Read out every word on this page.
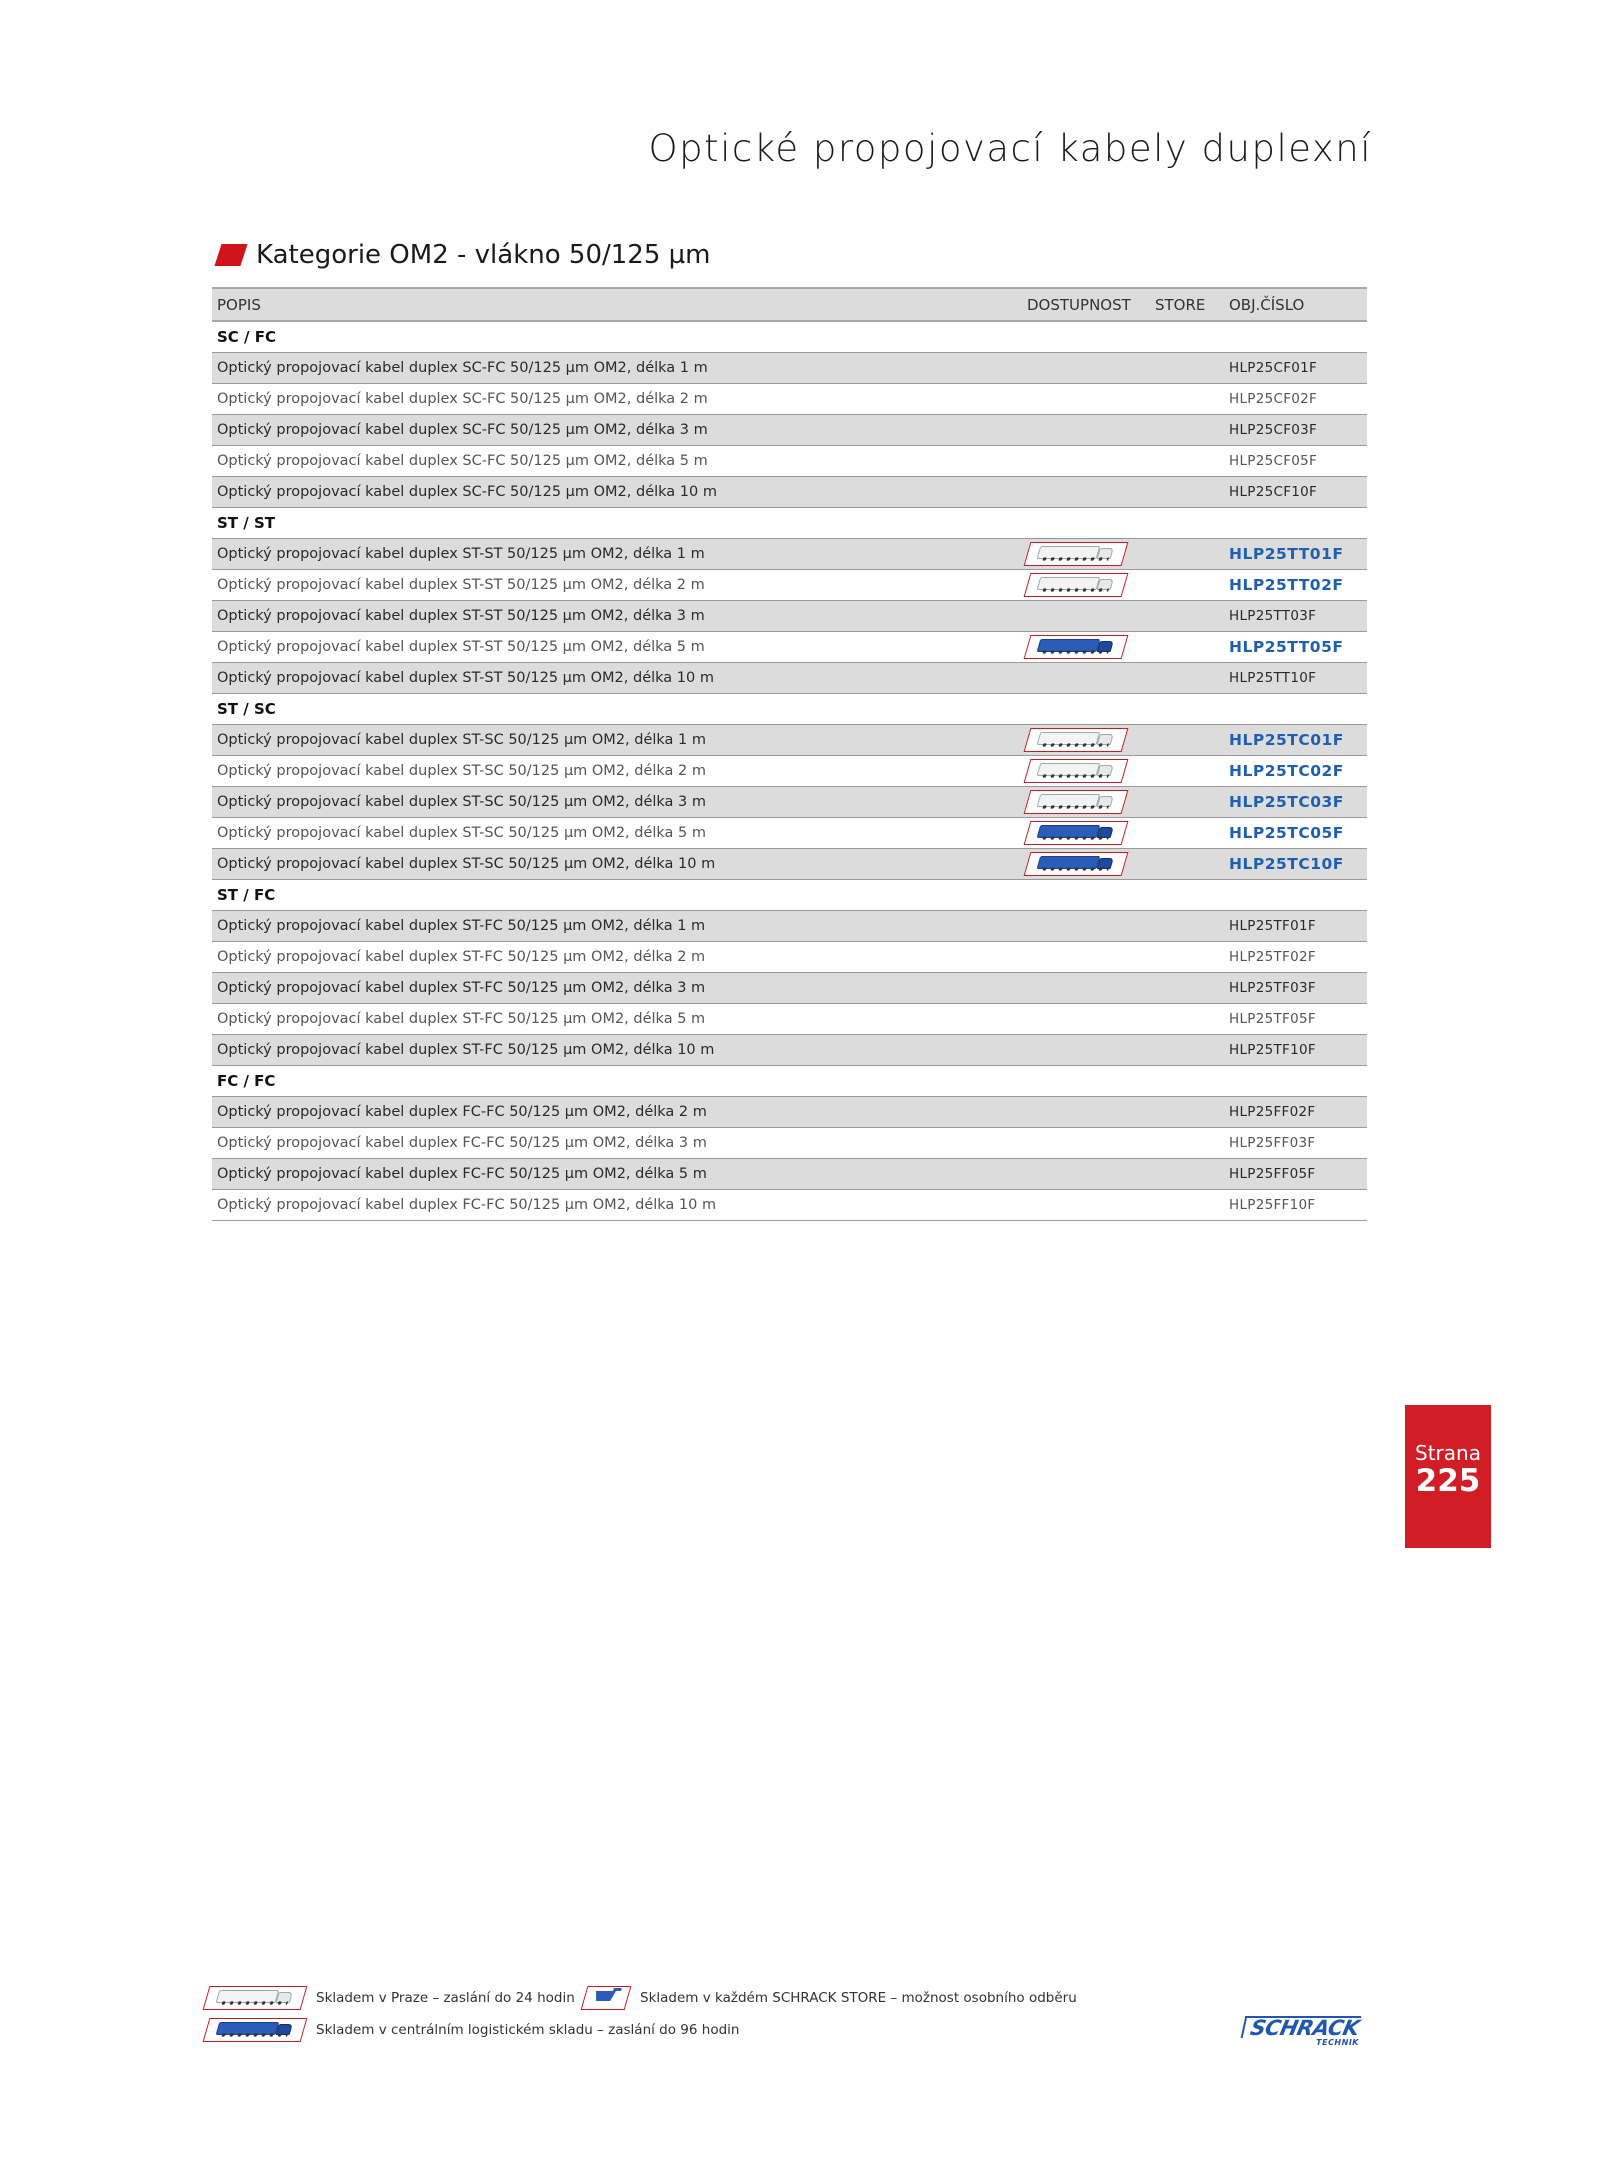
Optické propojovací kabely duplexní
Kategorie OM2 - vlákno 50/125 µm
POPIS	DOSTUPNOST	STORE	OBJ.ČÍSLO
SC / FC
Optický propojovací kabel duplex SC-FC 50/125 µm OM2, délka 1 m	HLP25CF01F
Optický propojovací kabel duplex SC-FC 50/125 µm OM2, délka 2 m	HLP25CF02F
Optický propojovací kabel duplex SC-FC 50/125 µm OM2, délka 3 m	HLP25CF03F
Optický propojovací kabel duplex SC-FC 50/125 µm OM2, délka 5 m	HLP25CF05F
Optický propojovací kabel duplex SC-FC 50/125 µm OM2, délka 10 m	HLP25CF10F
ST / ST
Optický propojovací kabel duplex ST-ST 50/125 µm OM2, délka 1 m	HLP25TT01F
Optický propojovací kabel duplex ST-ST 50/125 µm OM2, délka 2 m	HLP25TT02F
Optický propojovací kabel duplex ST-ST 50/125 µm OM2, délka 3 m	HLP25TT03F
Optický propojovací kabel duplex ST-ST 50/125 µm OM2, délka 5 m	HLP25TT05F
Optický propojovací kabel duplex ST-ST 50/125 µm OM2, délka 10 m	HLP25TT10F
ST / SC
Optický propojovací kabel duplex ST-SC 50/125 µm OM2, délka 1 m	HLP25TC01F
Optický propojovací kabel duplex ST-SC 50/125 µm OM2, délka 2 m	HLP25TC02F
Optický propojovací kabel duplex ST-SC 50/125 µm OM2, délka 3 m	HLP25TC03F
Optický propojovací kabel duplex ST-SC 50/125 µm OM2, délka 5 m	HLP25TC05F
Optický propojovací kabel duplex ST-SC 50/125 µm OM2, délka 10 m	HLP25TC10F
ST / FC
Optický propojovací kabel duplex ST-FC 50/125 µm OM2, délka 1 m	HLP25TF01F
Optický propojovací kabel duplex ST-FC 50/125 µm OM2, délka 2 m	HLP25TF02F
Optický propojovací kabel duplex ST-FC 50/125 µm OM2, délka 3 m	HLP25TF03F
Optický propojovací kabel duplex ST-FC 50/125 µm OM2, délka 5 m	HLP25TF05F
Optický propojovací kabel duplex ST-FC 50/125 µm OM2, délka 10 m	HLP25TF10F
FC / FC
Optický propojovací kabel duplex FC-FC 50/125 µm OM2, délka 2 m	HLP25FF02F
Optický propojovací kabel duplex FC-FC 50/125 µm OM2, délka 3 m	HLP25FF03F
Optický propojovací kabel duplex FC-FC 50/125 µm OM2, délka 5 m	HLP25FF05F
Optický propojovací kabel duplex FC-FC 50/125 µm OM2, délka 10 m	HLP25FF10F
Strana
225
Skladem v Praze – zaslání do 24 hodin	Skladem v každém SCHRACK STORE – možnost osobního odběru
Skladem v centrálním logistickém skladu – zaslání do 96 hodin	SCHRACK
TECHNIK
